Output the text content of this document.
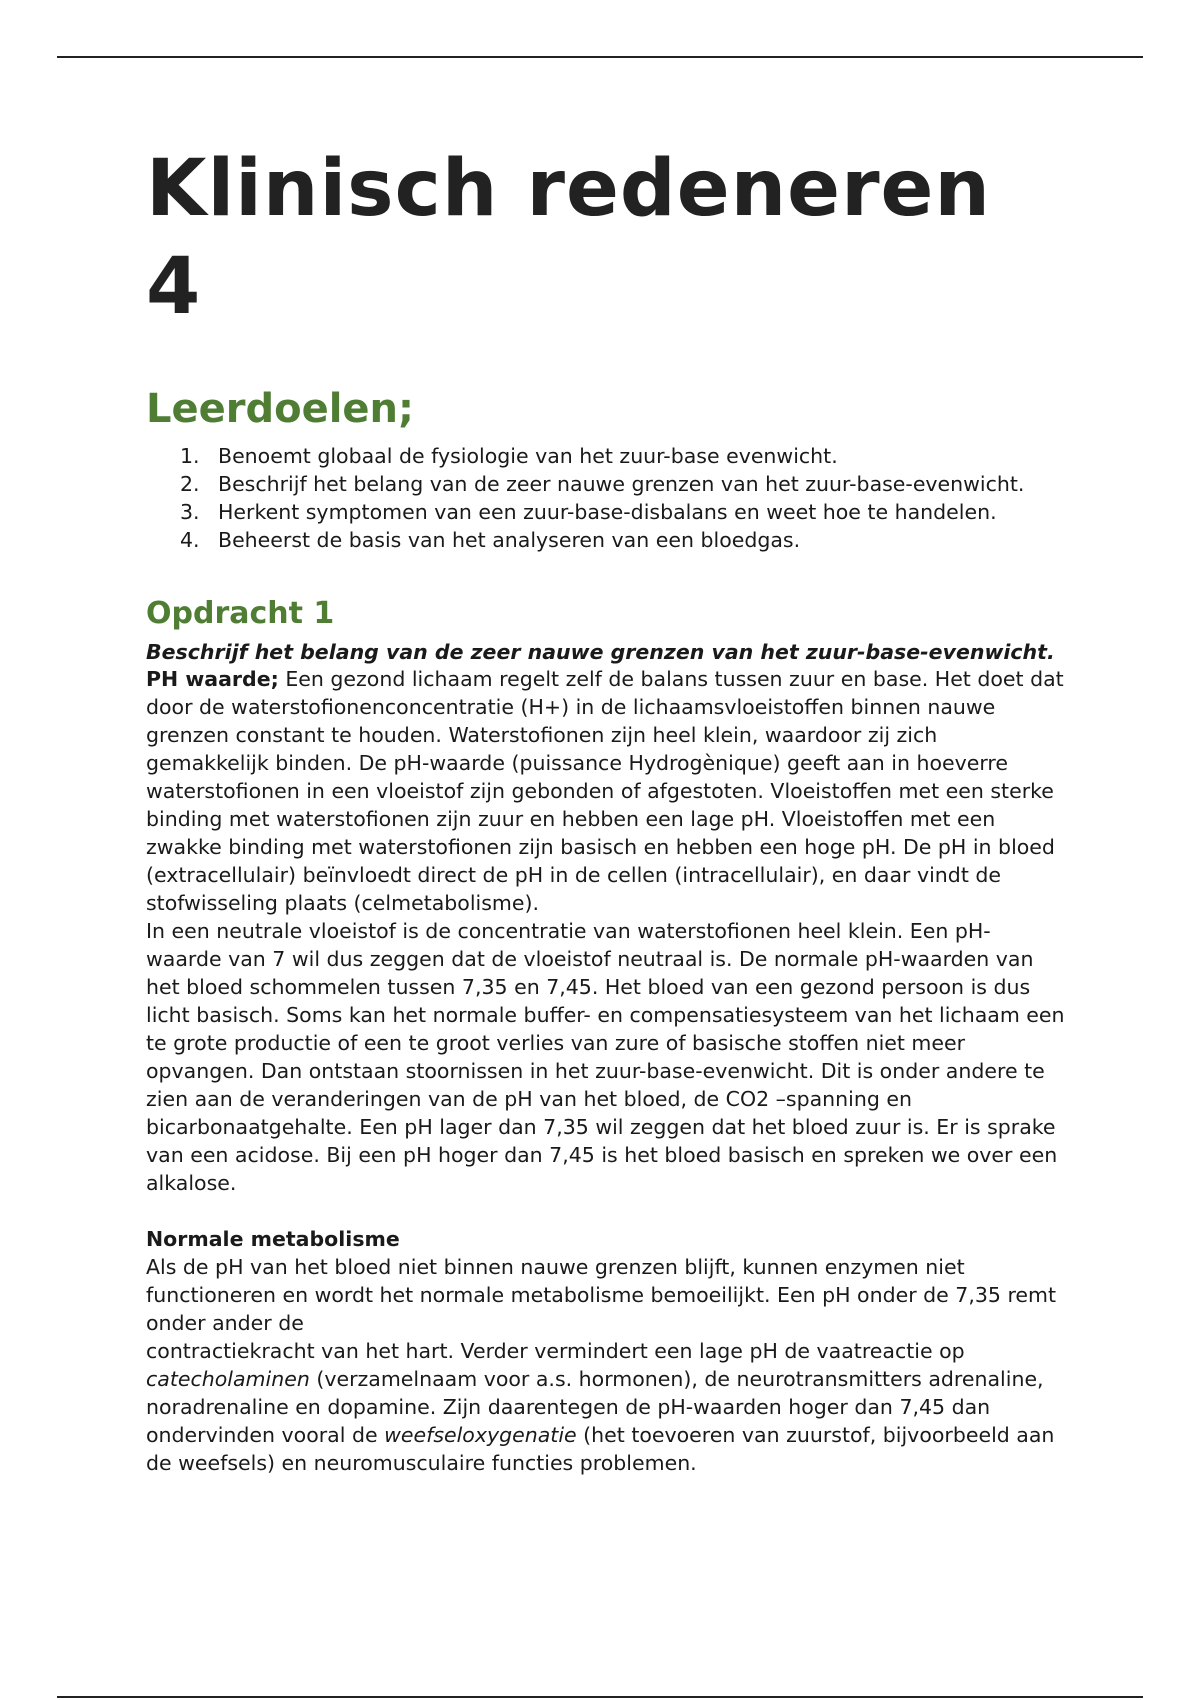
Klinisch redeneren 4
Leerdoelen;
1. Benoemt globaal de fysiologie van het zuur-base evenwicht.
2. Beschrijf het belang van de zeer nauwe grenzen van het zuur-base-evenwicht.
3. Herkent symptomen van een zuur-base-disbalans en weet hoe te handelen.
4. Beheerst de basis van het analyseren van een bloedgas.
Opdracht 1
Beschrijf het belang van de zeer nauwe grenzen van het zuur-base-evenwicht.

PH waarde; Een gezond lichaam regelt zelf de balans tussen zuur en base. Het doet dat door de waterstofionenconcentratie (H+) in de lichaamsvloeistoffen binnen nauwe grenzen constant te houden. Waterstofionen zijn heel klein, waardoor zij zich gemakkelijk binden. De pH-waarde (puissance Hydrogènique) geeft aan in hoeverre waterstofionen in een vloeistof zijn gebonden of afgestoten. Vloeistoffen met een sterke binding met waterstofionen zijn zuur en hebben een lage pH. Vloeistoffen met een zwakke binding met waterstofionen zijn basisch en hebben een hoge pH. De pH in bloed (extracellulair) beïnvloedt direct de pH in de cellen (intracellulair), en daar vindt de stofwisseling plaats (celmetabolisme).

In een neutrale vloeistof is de concentratie van waterstofionen heel klein. Een pH-waarde van 7 wil dus zeggen dat de vloeistof neutraal is. De normale pH-waarden van het bloed schommelen tussen 7,35 en 7,45. Het bloed van een gezond persoon is dus licht basisch. Soms kan het normale buffer- en compensatiesysteem van het lichaam een te grote productie of een te groot verlies van zure of basische stoffen niet meer opvangen. Dan ontstaan stoornissen in het zuur-base-evenwicht. Dit is onder andere te zien aan de veranderingen van de pH van het bloed, de CO2 –spanning en bicarbonaatgehalte. Een pH lager dan 7,35 wil zeggen dat het bloed zuur is. Er is sprake van een acidose. Bij een pH hoger dan 7,45 is het bloed basisch en spreken we over een alkalose.

Normale metabolisme

Als de pH van het bloed niet binnen nauwe grenzen blijft, kunnen enzymen niet functioneren en wordt het normale metabolisme bemoeilijkt. Een pH onder de 7,35 remt onder ander de

contractiekracht van het hart. Verder vermindert een lage pH de vaatreactie op catecholaminen (verzamelnaam voor a.s. hormonen), de neurotransmitters adrenaline, noradrenaline en dopamine. Zijn daarentegen de pH-waarden hoger dan 7,45 dan ondervinden vooral de weefseloxygenatie (het toevoeren van zuurstof, bijvoorbeeld aan de weefsels) en neuromusculaire functies problemen.
